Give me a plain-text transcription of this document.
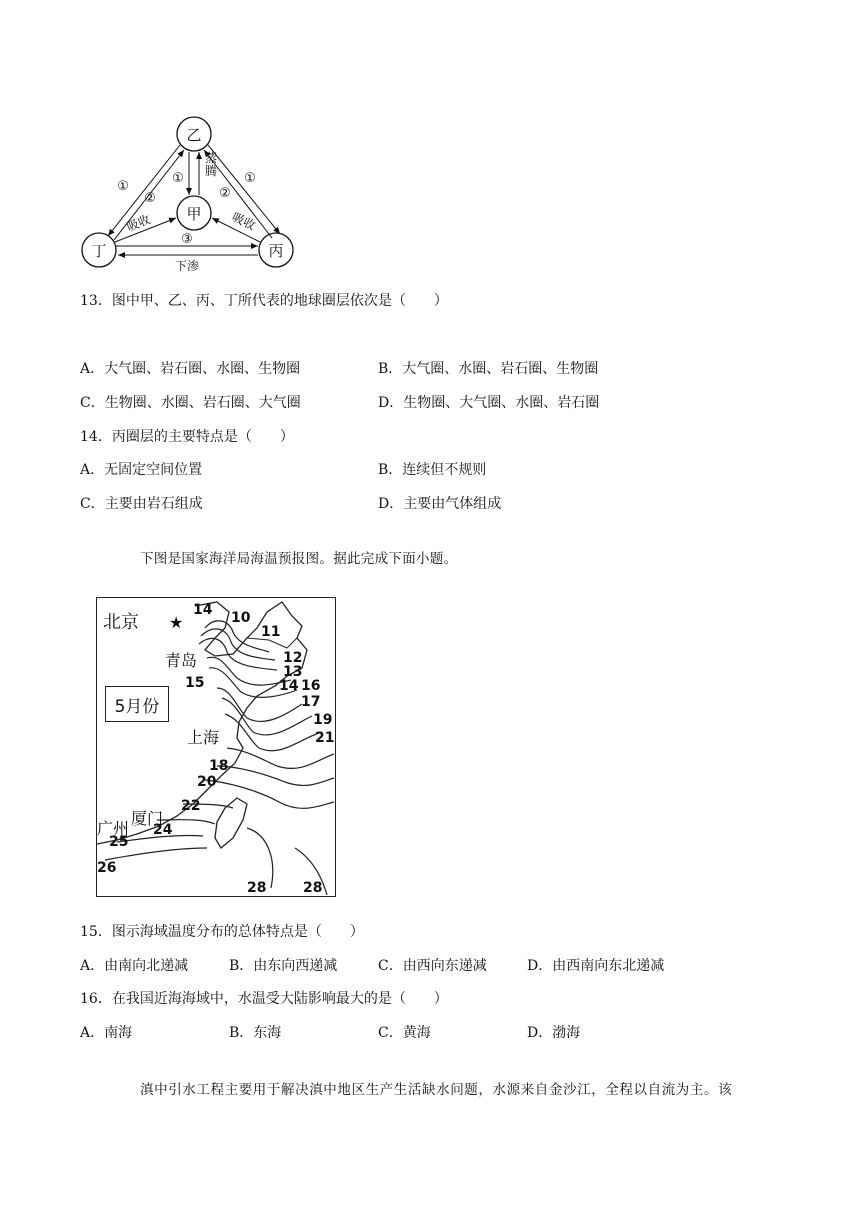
乙
甲
丁	丙
①
②
①
②
①
吸收	吸收
③
下渗
蒸腾
13．图中甲、乙、丙、丁所代表的地球圈层依次是（　　）
A．大气圈、岩石圈、水圈、生物圈	B．大气圈、水圈、岩石圈、生物圈
C．生物圈、水圈、岩石圈、大气圈	D．生物圈、大气圈、水圈、岩石圈
14．丙圈层的主要特点是（　　）
A．无固定空间位置	B．连续但不规则
C．主要由岩石组成	D．主要由气体组成
下图是国家海洋局海温预报图。据此完成下面小题。
北京 ★
青岛
上海
厦门
广州
14 10
11
12
13
14
15	16
17
19
21
18
20
22
24
25
26
28	28
5月份
15．图示海域温度分布的总体特点是（　　）
A．由南向北递减	B．由东向西递减	C．由西向东递减	D．由西南向东北递减
16．在我国近海海域中，水温受大陆影响最大的是（　　）
A．南海	B．东海	C．黄海	D．渤海
滇中引水工程主要用于解决滇中地区生产生活缺水问题，水源来自金沙江，全程以自流为主。该
